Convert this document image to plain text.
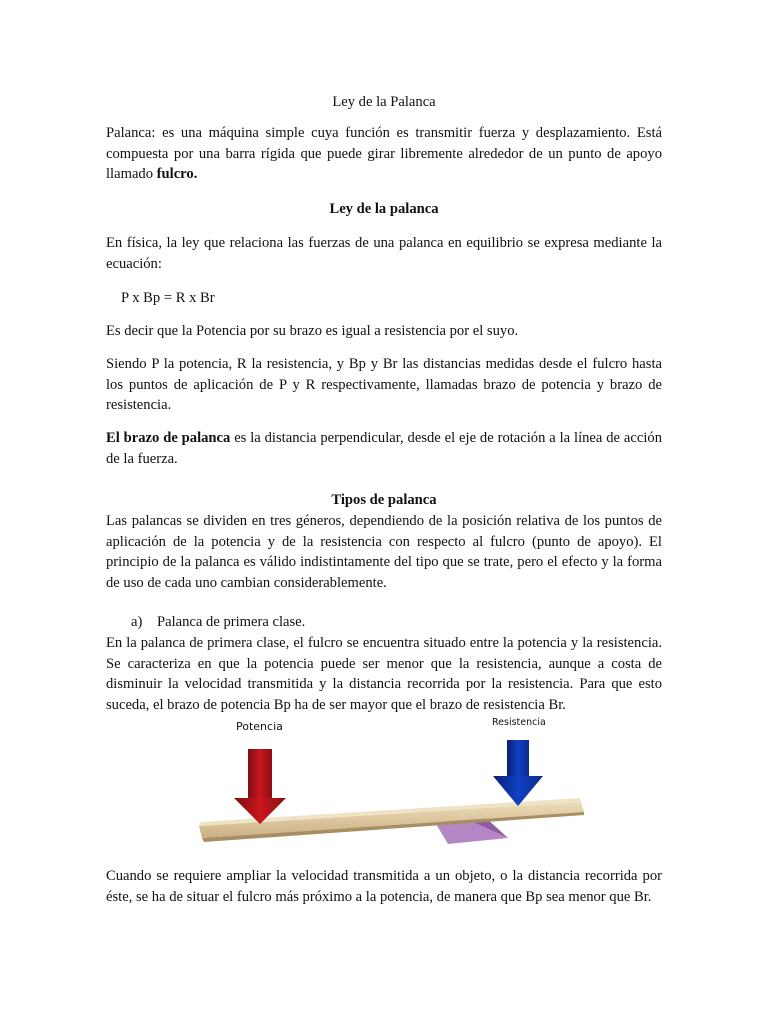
Ley de la Palanca

Palanca: es una máquina simple cuya función es transmitir fuerza y desplazamiento. Está compuesta por una barra rígida que puede girar libremente alrededor de un punto de apoyo llamado fulcro.

Ley de la palanca

En física, la ley que relaciona las fuerzas de una palanca en equilibrio se expresa mediante la ecuación:

P x Bp = R x Br

Es decir que la Potencia por su brazo es igual a resistencia por el suyo.

Siendo P la potencia, R la resistencia, y Bp y Br las distancias medidas desde el fulcro hasta los puntos de aplicación de P y R respectivamente, llamadas brazo de potencia y brazo de resistencia.

El brazo de palanca es la distancia perpendicular, desde el eje de rotación a la línea de acción de la fuerza.

Tipos de palanca

Las palancas se dividen en tres géneros, dependiendo de la posición relativa de los puntos de aplicación de la potencia y de la resistencia con respecto al fulcro (punto de apoyo). El principio de la palanca es válido indistintamente del tipo que se trate, pero el efecto y la forma de uso de cada uno cambian considerablemente.

a) Palanca de primera clase.

En la palanca de primera clase, el fulcro se encuentra situado entre la potencia y la resistencia. Se caracteriza en que la potencia puede ser menor que la resistencia, aunque a costa de disminuir la velocidad transmitida y la distancia recorrida por la resistencia. Para que esto suceda, el brazo de potencia Bp ha de ser mayor que el brazo de resistencia Br.

Potencia	Resistencia

Cuando se requiere ampliar la velocidad transmitida a un objeto, o la distancia recorrida por éste, se ha de situar el fulcro más próximo a la potencia, de manera que Bp sea menor que Br.
